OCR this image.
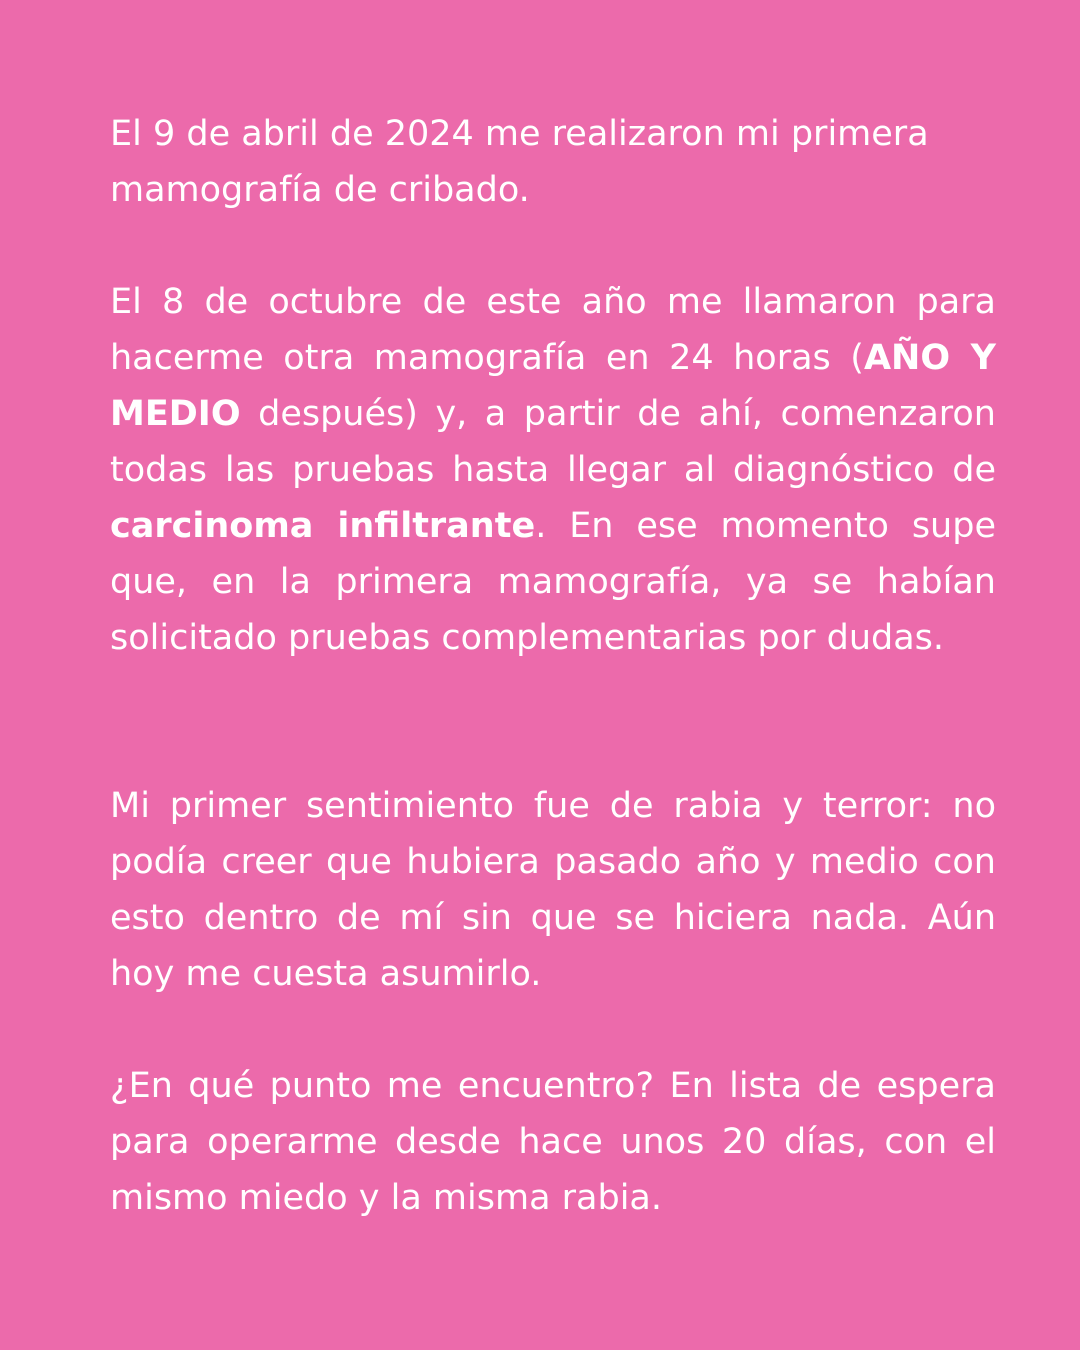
El 9 de abril de 2024 me realizaron mi primera mamografía de cribado.

El 8 de octubre de este año me llamaron para hacerme otra mamografía en 24 horas (AÑO Y MEDIO después) y, a partir de ahí, comenzaron todas las pruebas hasta llegar al diagnóstico de carcinoma infiltrante. En ese momento supe que, en la primera mamografía, ya se habían solicitado pruebas complementarias por dudas.

Mi primer sentimiento fue de rabia y terror: no podía creer que hubiera pasado año y medio con esto dentro de mí sin que se hiciera nada. Aún hoy me cuesta asumirlo.

¿En qué punto me encuentro? En lista de espera para operarme desde hace unos 20 días, con el mismo miedo y la misma rabia.
